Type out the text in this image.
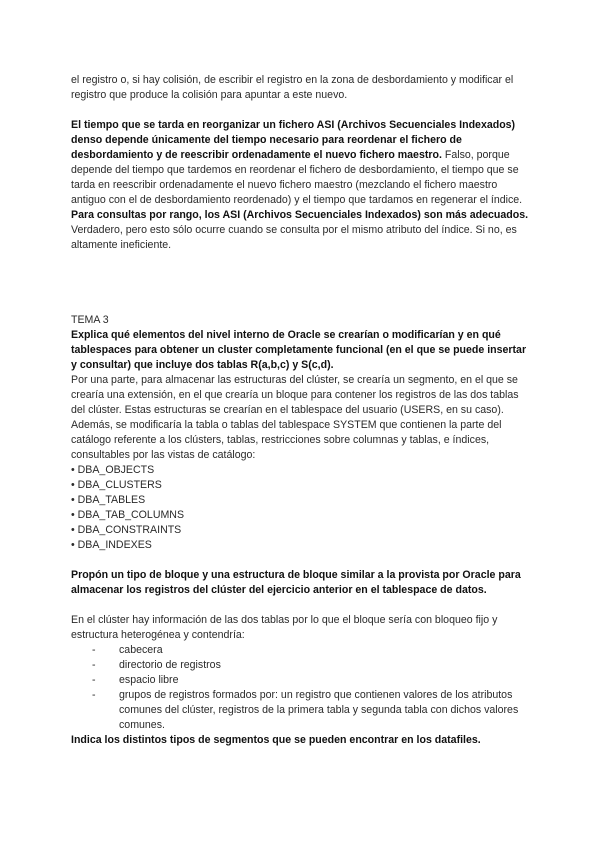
el registro o, si hay colisión, de escribir el registro en la zona de desbordamiento y modificar el registro que produce la colisión para apuntar a este nuevo.

El tiempo que se tarda en reorganizar un fichero ASI (Archivos Secuenciales Indexados) denso depende únicamente del tiempo necesario para reordenar el fichero de desbordamiento y de reescribir ordenadamente el nuevo fichero maestro. Falso, porque depende del tiempo que tardemos en reordenar el fichero de desbordamiento, el tiempo que se tarda en reescribir ordenadamente el nuevo fichero maestro (mezclando el fichero maestro antiguo con el de desbordamiento reordenado) y el tiempo que tardamos en regenerar el índice.

Para consultas por rango, los ASI (Archivos Secuenciales Indexados) son más adecuados. Verdadero, pero esto sólo ocurre cuando se consulta por el mismo atributo del índice. Si no, es altamente ineficiente.

TEMA 3

Explica qué elementos del nivel interno de Oracle se crearían o modificarían y en qué tablespaces para obtener un cluster completamente funcional (en el que se puede insertar y consultar) que incluye dos tablas R(a,b,c) y S(c,d).

Por una parte, para almacenar las estructuras del clúster, se crearía un segmento, en el que se crearía una extensión, en el que crearía un bloque para contener los registros de las dos tablas del clúster. Estas estructuras se crearían en el tablespace del usuario (USERS, en su caso).

Además, se modificaría la tabla o tablas del tablespace SYSTEM que contienen la parte del catálogo referente a los clústers, tablas, restricciones sobre columnas y tablas, e índices, consultables por las vistas de catálogo:

• DBA_OBJECTS
• DBA_CLUSTERS
• DBA_TABLES
• DBA_TAB_COLUMNS
• DBA_CONSTRAINTS
• DBA_INDEXES

Propón un tipo de bloque y una estructura de bloque similar a la provista por Oracle para almacenar los registros del clúster del ejercicio anterior en el tablespace de datos.

En el clúster hay información de las dos tablas por lo que el bloque sería con bloqueo fijo y estructura heterogénea y contendría:

- cabecera
- directorio de registros
- espacio libre
- grupos de registros formados por: un registro que contienen valores de los atributos comunes del clúster, registros de la primera tabla y segunda tabla con dichos valores comunes.

Indica los distintos tipos de segmentos que se pueden encontrar en los datafiles.
